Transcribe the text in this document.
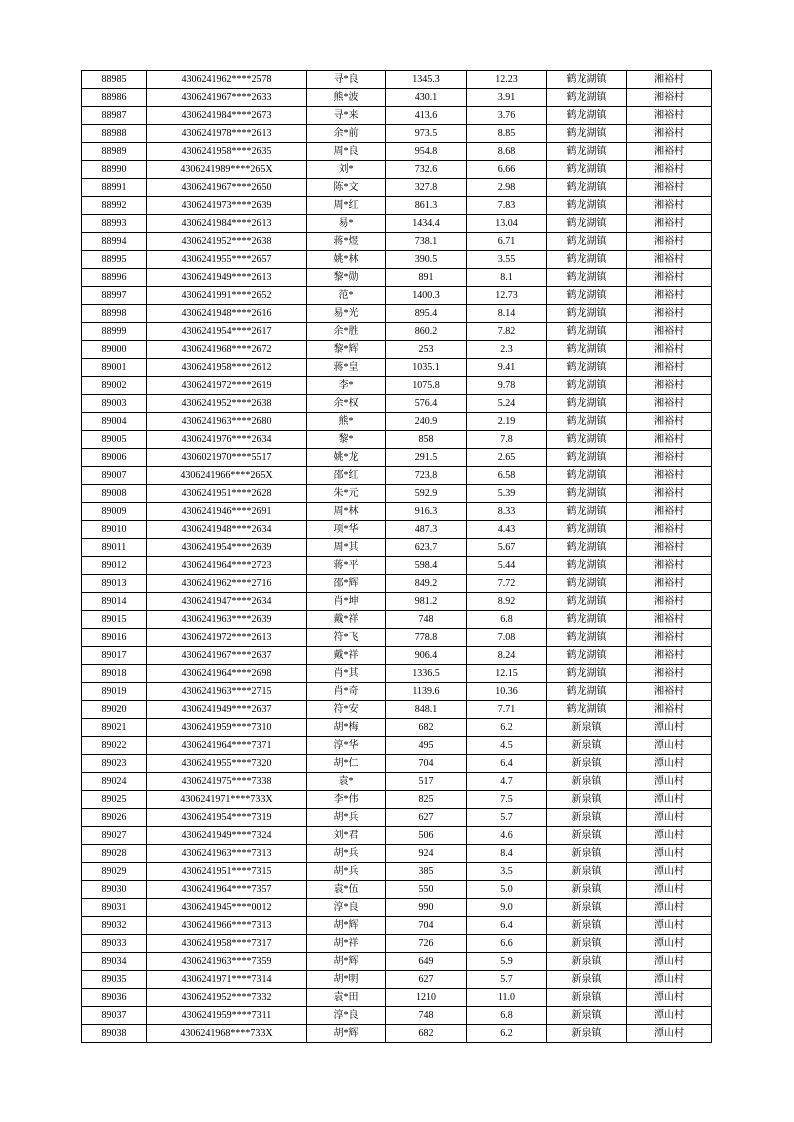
88985	4306241962****2578	寻*良	1345.3	12.23	鹤龙湖镇	湘裕村
88986	4306241967****2633	熊*波	430.1	3.91	鹤龙湖镇	湘裕村
88987	4306241984****2673	寻*来	413.6	3.76	鹤龙湖镇	湘裕村
88988	4306241978****2613	余*前	973.5	8.85	鹤龙湖镇	湘裕村
88989	4306241958****2635	周*良	954.8	8.68	鹤龙湖镇	湘裕村
88990	4306241989****265X	刘*	732.6	6.66	鹤龙湖镇	湘裕村
88991	4306241967****2650	陈*文	327.8	2.98	鹤龙湖镇	湘裕村
88992	4306241973****2639	周*红	861.3	7.83	鹤龙湖镇	湘裕村
88993	4306241984****2613	易*	1434.4	13.04	鹤龙湖镇	湘裕村
88994	4306241952****2638	蒋*煜	738.1	6.71	鹤龙湖镇	湘裕村
88995	4306241955****2657	姚*林	390.5	3.55	鹤龙湖镇	湘裕村
88996	4306241949****2613	黎*勋	891	8.1	鹤龙湖镇	湘裕村
88997	4306241991****2652	范*	1400.3	12.73	鹤龙湖镇	湘裕村
88998	4306241948****2616	易*光	895.4	8.14	鹤龙湖镇	湘裕村
88999	4306241954****2617	余*胜	860.2	7.82	鹤龙湖镇	湘裕村
89000	4306241968****2672	黎*辉	253	2.3	鹤龙湖镇	湘裕村
89001	4306241958****2612	蒋*皇	1035.1	9.41	鹤龙湖镇	湘裕村
89002	4306241972****2619	李*	1075.8	9.78	鹤龙湖镇	湘裕村
89003	4306241952****2638	余*权	576.4	5.24	鹤龙湖镇	湘裕村
89004	4306241963****2680	熊*	240.9	2.19	鹤龙湖镇	湘裕村
89005	4306241976****2634	黎*	858	7.8	鹤龙湖镇	湘裕村
89006	4306021970****5517	姚*龙	291.5	2.65	鹤龙湖镇	湘裕村
89007	4306241966****265X	邵*红	723.8	6.58	鹤龙湖镇	湘裕村
89008	4306241951****2628	朱*元	592.9	5.39	鹤龙湖镇	湘裕村
89009	4306241946****2691	周*林	916.3	8.33	鹤龙湖镇	湘裕村
89010	4306241948****2634	项*华	487.3	4.43	鹤龙湖镇	湘裕村
89011	4306241954****2639	周*其	623.7	5.67	鹤龙湖镇	湘裕村
89012	4306241964****2723	蒋*平	598.4	5.44	鹤龙湖镇	湘裕村
89013	4306241962****2716	邵*辉	849.2	7.72	鹤龙湖镇	湘裕村
89014	4306241947****2634	肖*坤	981.2	8.92	鹤龙湖镇	湘裕村
89015	4306241963****2639	戴*祥	748	6.8	鹤龙湖镇	湘裕村
89016	4306241972****2613	符*飞	778.8	7.08	鹤龙湖镇	湘裕村
89017	4306241967****2637	戴*祥	906.4	8.24	鹤龙湖镇	湘裕村
89018	4306241964****2698	肖*其	1336.5	12.15	鹤龙湖镇	湘裕村
89019	4306241963****2715	肖*奇	1139.6	10.36	鹤龙湖镇	湘裕村
89020	4306241949****2637	符*安	848.1	7.71	鹤龙湖镇	湘裕村
89021	4306241959****7310	胡*梅	682	6.2	新泉镇	潭山村
89022	4306241964****7371	淳*华	495	4.5	新泉镇	潭山村
89023	4306241955****7320	胡*仁	704	6.4	新泉镇	潭山村
89024	4306241975****7338	袁*	517	4.7	新泉镇	潭山村
89025	4306241971****733X	李*伟	825	7.5	新泉镇	潭山村
89026	4306241954****7319	胡*兵	627	5.7	新泉镇	潭山村
89027	4306241949****7324	刘*君	506	4.6	新泉镇	潭山村
89028	4306241963****7313	胡*兵	924	8.4	新泉镇	潭山村
89029	4306241951****7315	胡*兵	385	3.5	新泉镇	潭山村
89030	4306241964****7357	袁*伍	550	5.0	新泉镇	潭山村
89031	4306241945****0012	淳*良	990	9.0	新泉镇	潭山村
89032	4306241966****7313	胡*辉	704	6.4	新泉镇	潭山村
89033	4306241958****7317	胡*祥	726	6.6	新泉镇	潭山村
89034	4306241963****7359	胡*辉	649	5.9	新泉镇	潭山村
89035	4306241971****7314	胡*明	627	5.7	新泉镇	潭山村
89036	4306241952****7332	袁*田	1210	11.0	新泉镇	潭山村
89037	4306241959****7311	淳*良	748	6.8	新泉镇	潭山村
89038	4306241968****733X	胡*辉	682	6.2	新泉镇	潭山村
